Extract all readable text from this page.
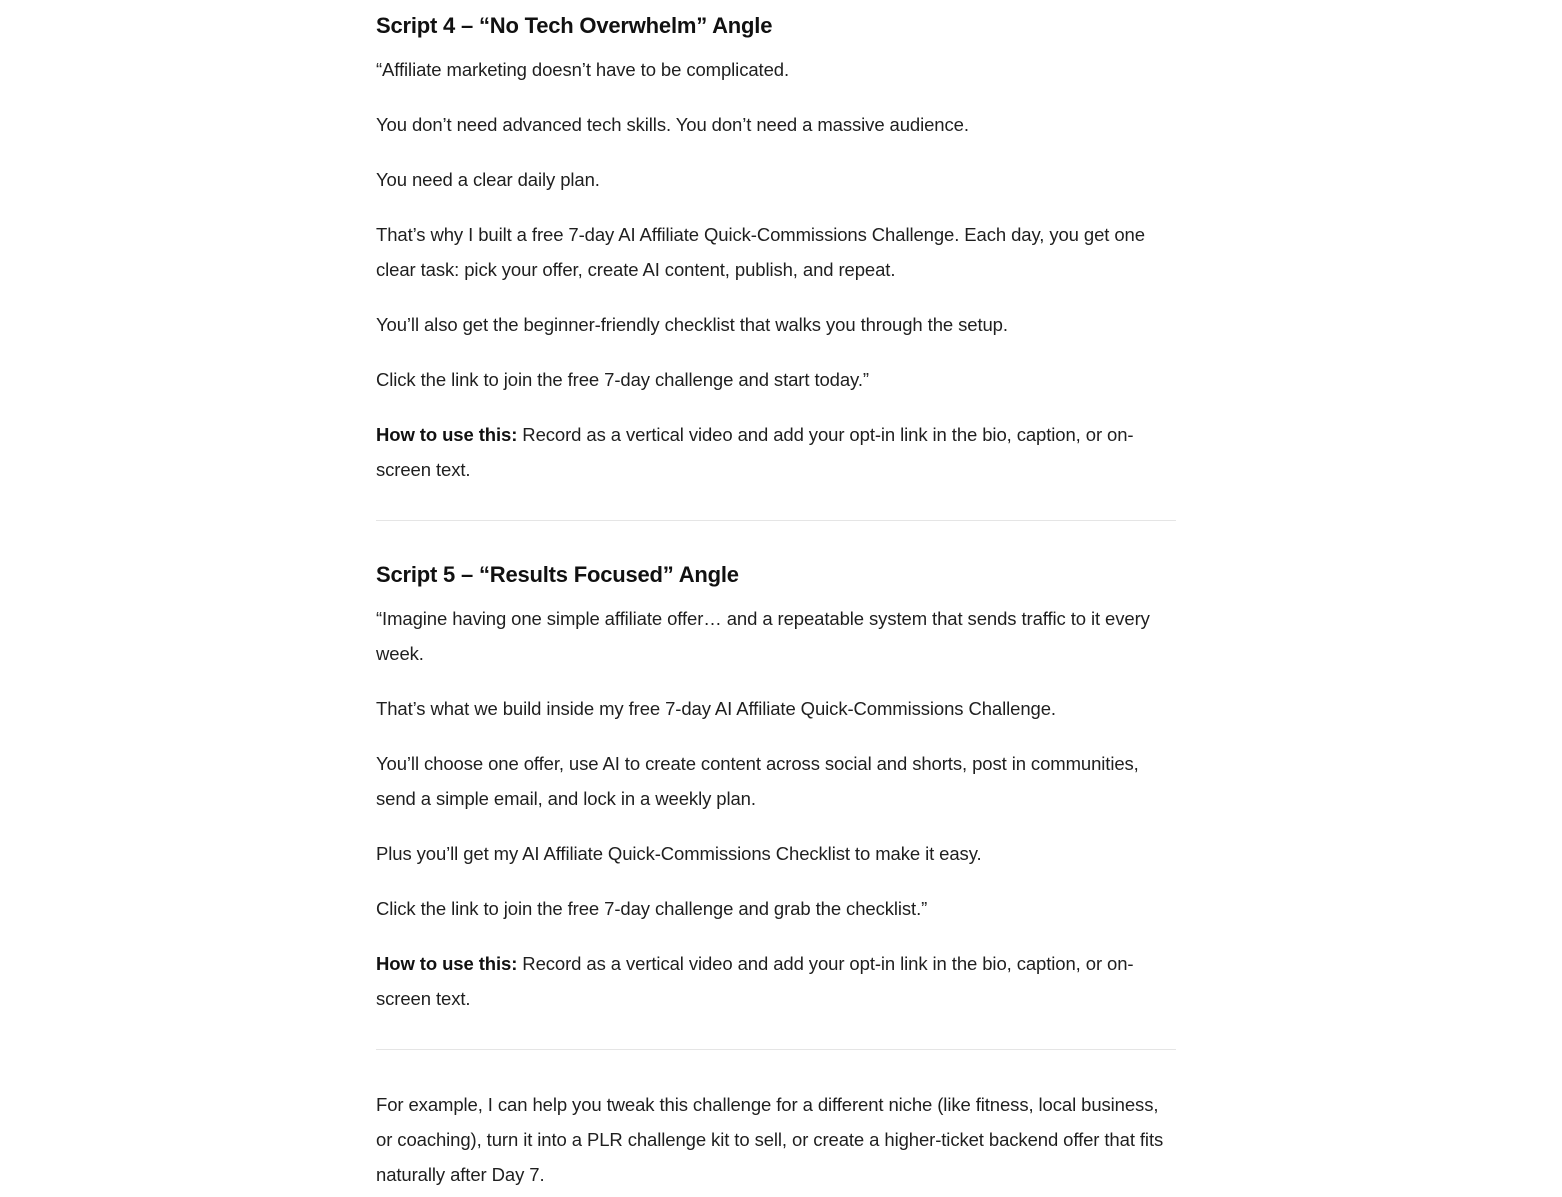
Script 4 – “No Tech Overwhelm” Angle

“Affiliate marketing doesn’t have to be complicated.

You don’t need advanced tech skills. You don’t need a massive audience.

You need a clear daily plan.

That’s why I built a free 7-day AI Affiliate Quick-Commissions Challenge. Each day, you get one clear task: pick your offer, create AI content, publish, and repeat.

You’ll also get the beginner-friendly checklist that walks you through the setup.

Click the link to join the free 7-day challenge and start today.”

How to use this: Record as a vertical video and add your opt-in link in the bio, caption, or on-screen text.

Script 5 – “Results Focused” Angle

“Imagine having one simple affiliate offer… and a repeatable system that sends traffic to it every week.

That’s what we build inside my free 7-day AI Affiliate Quick-Commissions Challenge.

You’ll choose one offer, use AI to create content across social and shorts, post in communities, send a simple email, and lock in a weekly plan.

Plus you’ll get my AI Affiliate Quick-Commissions Checklist to make it easy.

Click the link to join the free 7-day challenge and grab the checklist.”

How to use this: Record as a vertical video and add your opt-in link in the bio, caption, or on-screen text.

For example, I can help you tweak this challenge for a different niche (like fitness, local business, or coaching), turn it into a PLR challenge kit to sell, or create a higher-ticket backend offer that fits naturally after Day 7.
